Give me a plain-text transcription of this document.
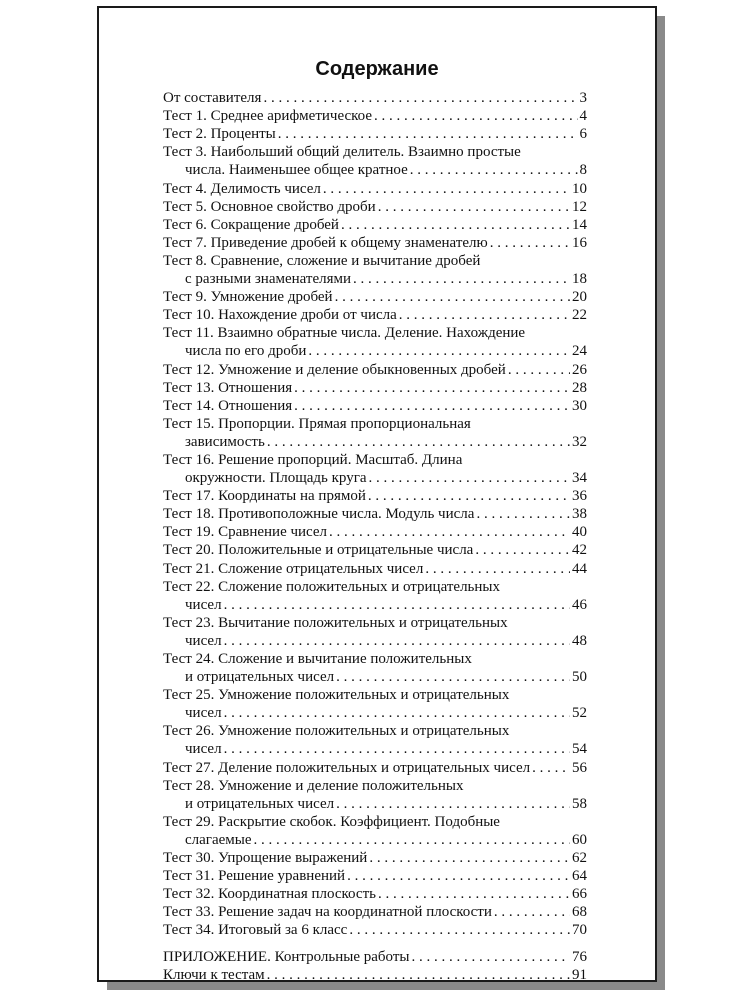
Содержание
От составителя . . .	3
Тест 1. Среднее арифметическое . . .	4
Тест 2. Проценты . . .	6
Тест 3. Наибольший общий делитель. Взаимно простые
числа. Наименьшее общее кратное . . .	8
Тест 4. Делимость чисел . . .	10
Тест 5. Основное свойство дроби . . .	12
Тест 6. Сокращение дробей . . .	14
Тест 7. Приведение дробей к общему знаменателю . . .	16
Тест 8. Сравнение, сложение и вычитание дробей
с разными знаменателями . . .	18
Тест 9. Умножение дробей . . .	20
Тест 10. Нахождение дроби от числа . . .	22
Тест 11. Взаимно обратные числа. Деление. Нахождение
числа по его дроби . . .	24
Тест 12. Умножение и деление обыкновенных дробей . . .	26
Тест 13. Отношения . . .	28
Тест 14. Отношения . . .	30
Тест 15. Пропорции. Прямая пропорциональная
зависимость . . .	32
Тест 16. Решение пропорций. Масштаб. Длина
окружности. Площадь круга . . .	34
Тест 17. Координаты на прямой . . .	36
Тест 18. Противоположные числа. Модуль числа . . .	38
Тест 19. Сравнение чисел . . .	40
Тест 20. Положительные и отрицательные числа . . .	42
Тест 21. Сложение отрицательных чисел . . .	44
Тест 22. Сложение положительных и отрицательных
чисел . . .	46
Тест 23. Вычитание положительных и отрицательных
чисел . . .	48
Тест 24. Сложение и вычитание положительных
и отрицательных чисел . . .	50
Тест 25. Умножение положительных и отрицательных
чисел . . .	52
Тест 26. Умножение положительных и отрицательных
чисел . . .	54
Тест 27. Деление положительных и отрицательных чисел . . .	56
Тест 28. Умножение и деление положительных
и отрицательных чисел . . .	58
Тест 29. Раскрытие скобок. Коэффициент. Подобные
слагаемые . . .	60
Тест 30. Упрощение выражений . . .	62
Тест 31. Решение уравнений . . .	64
Тест 32. Координатная плоскость . . .	66
Тест 33. Решение задач на координатной плоскости . . .	68
Тест 34. Итоговый за 6 класс . . .	70
ПРИЛОЖЕНИЕ. Контрольные работы . . .	76
Ключи к тестам . . .	91
